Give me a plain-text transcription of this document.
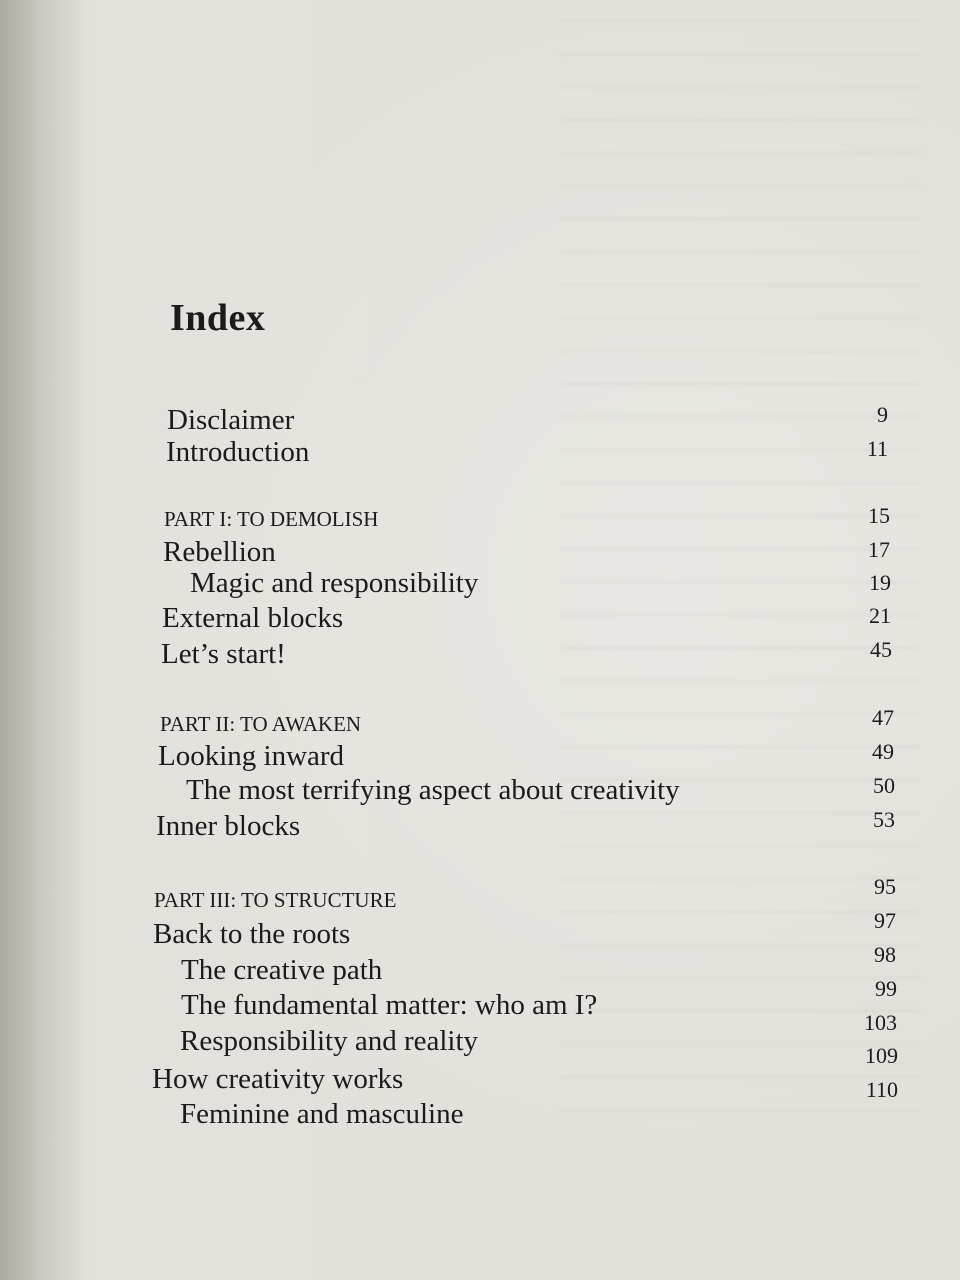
Index
Disclaimer
Introduction
PART I: TO DEMOLISH
Rebellion
Magic and responsibility
External blocks
Let’s start!
PART II: TO AWAKEN
Looking inward
The most terrifying aspect about creativity
Inner blocks
PART III: TO STRUCTURE
Back to the roots
The creative path
The fundamental matter: who am I?
Responsibility and reality
How creativity works
Feminine and masculine
9
11
15
17
19
21
45
47
49
50
53
95
97
98
99
103
109
110
